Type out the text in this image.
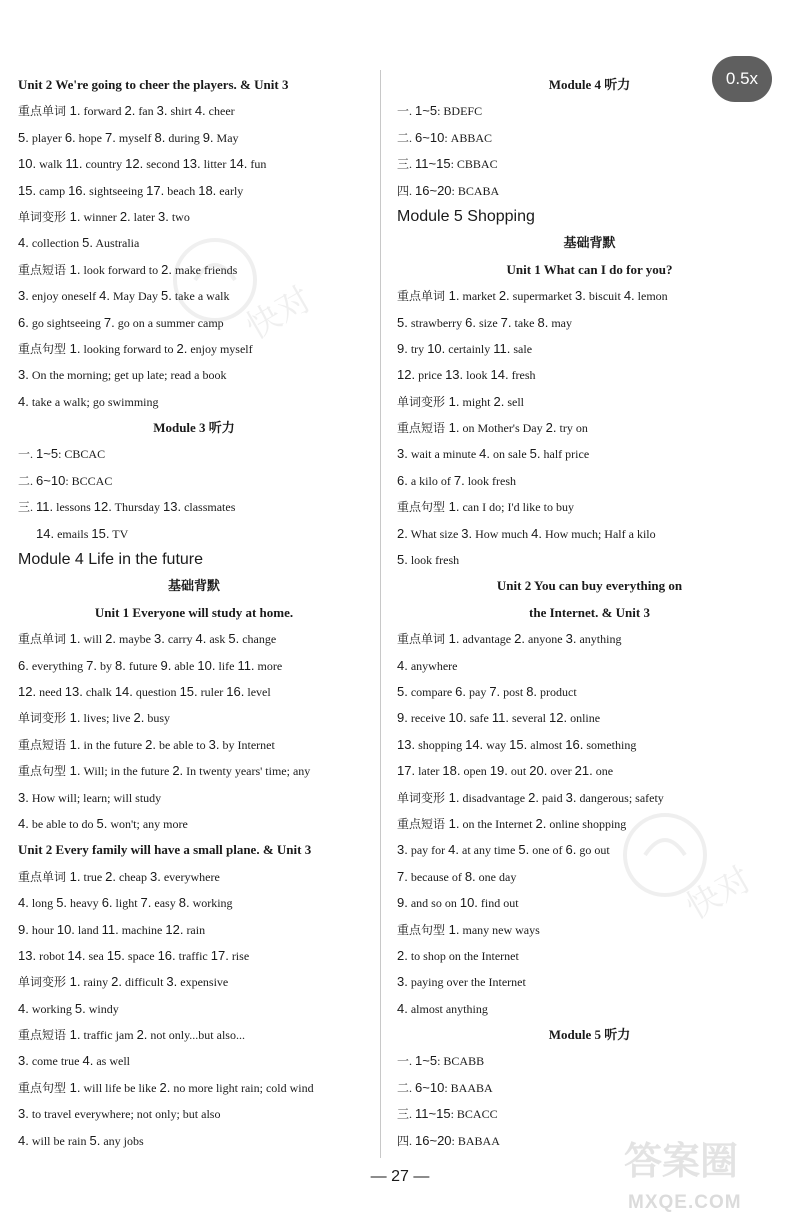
Unit 2 We're going to cheer the players. & Unit 3
重点单词 1. forward 2. fan 3. shirt 4. cheer
5. player 6. hope 7. myself 8. during 9. May
10. walk 11. country 12. second 13. litter 14. fun
15. camp 16. sightseeing 17. beach 18. early
单词变形 1. winner 2. later 3. two
4. collection 5. Australia
重点短语 1. look forward to 2. make friends
3. enjoy oneself 4. May Day 5. take a walk
6. go sightseeing 7. go on a summer camp
重点句型 1. looking forward to 2. enjoy myself
3. On the morning; get up late; read a book
4. take a walk; go swimming
Module 3 听力
一. 1~5: CBCAC
二. 6~10: BCCAC
三. 11. lessons 12. Thursday 13. classmates
14. emails 15. TV
Module 4 Life in the future
基础背默
Unit 1 Everyone will study at home.
重点单词 1. will 2. maybe 3. carry 4. ask 5. change
6. everything 7. by 8. future 9. able 10. life 11. more
12. need 13. chalk 14. question 15. ruler 16. level
单词变形 1. lives; live 2. busy
重点短语 1. in the future 2. be able to 3. by Internet
重点句型 1. Will; in the future 2. In twenty years' time; any
3. How will; learn; will study
4. be able to do 5. won't; any more
Unit 2 Every family will have a small plane. & Unit 3
重点单词 1. true 2. cheap 3. everywhere
4. long 5. heavy 6. light 7. easy 8. working
9. hour 10. land 11. machine 12. rain
13. robot 14. sea 15. space 16. traffic 17. rise
单词变形 1. rainy 2. difficult 3. expensive
4. working 5. windy
重点短语 1. traffic jam 2. not only...but also...
3. come true 4. as well
重点句型 1. will life be like 2. no more light rain; cold wind
3. to travel everywhere; not only; but also
4. will be rain 5. any jobs
Module 4 听力
一. 1~5: BDEFC
二. 6~10: ABBAC
三. 11~15: CBBAC
四. 16~20: BCABA
Module 5 Shopping
基础背默
Unit 1 What can I do for you?
重点单词 1. market 2. supermarket 3. biscuit 4. lemon
5. strawberry 6. size 7. take 8. may
9. try 10. certainly 11. sale
12. price 13. look 14. fresh
单词变形 1. might 2. sell
重点短语 1. on Mother's Day 2. try on
3. wait a minute 4. on sale 5. half price
6. a kilo of 7. look fresh
重点句型 1. can I do; I'd like to buy
2. What size 3. How much 4. How much; Half a kilo
5. look fresh
Unit 2 You can buy everything on
the Internet. & Unit 3
重点单词 1. advantage 2. anyone 3. anything
4. anywhere
5. compare 6. pay 7. post 8. product
9. receive 10. safe 11. several 12. online
13. shopping 14. way 15. almost 16. something
17. later 18. open 19. out 20. over 21. one
单词变形 1. disadvantage 2. paid 3. dangerous; safety
重点短语 1. on the Internet 2. online shopping
3. pay for 4. at any time 5. one of 6. go out
7. because of 8. one day
9. and so on 10. find out
重点句型 1. many new ways
2. to shop on the Internet
3. paying over the Internet
4. almost anything
Module 5 听力
一. 1~5: BCABB
二. 6~10: BAABA
三. 11~15: BCACC
四. 16~20: BABAA
快对
快对
答案圈
MXQE.COM
0.5x
— 27 —
